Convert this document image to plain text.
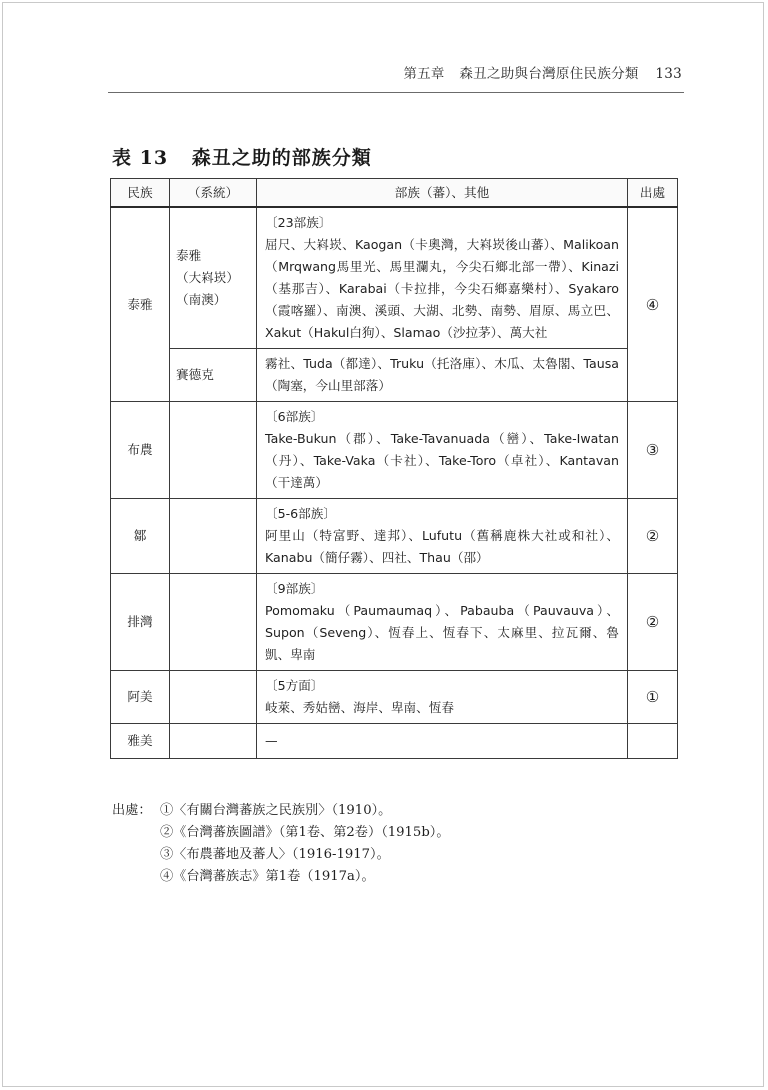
第五章 森丑之助與台灣原住民族分類 133
表 13 森丑之助的部族分類
民族	（系統）	部族（蕃）、其他	出處
泰雅	泰雅
（大嵙崁）
（南澳）	〔23部族〕
屈尺、大嵙崁、Kaogan（卡奧灣，大嵙崁後山蕃）、Malikoan（Mrqwang馬里光、馬里瀾丸，今尖石鄉北部一帶）、Kinazi（基那吉）、Karabai（卡拉排，今尖石鄉嘉樂村）、Syakaro（霞喀羅）、南澳、溪頭、大湖、北勢、南勢、眉原、馬立巴、Xakut（Hakul白狗）、Slamao（沙拉茅）、萬大社	④
	賽德克	霧社、Tuda（都達）、Truku（托洛庫）、木瓜、太魯閣、Tausa（陶塞，今山里部落）	

布農		〔6部族〕
Take-Bukun（郡）、Take-Tavanuada（巒）、Take-Iwatan（丹）、Take-Vaka（卡社）、Take-Toro（卓社）、Kantavan（干達萬）	③
鄒		〔5-6部族〕
阿里山（特富野、達邦）、Lufutu（舊稱鹿株大社或和社）、Kanabu（簡仔霧）、四社、Thau（邵）	②
排灣		〔9部族〕
Pomomaku（Paumaumaq）、Pabauba（Pauvauva）、Supon（Seveng）、恆春上、恆春下、太麻里、拉瓦爾、魯凱、卑南	②
阿美		〔5方面〕
岐萊、秀姑巒、海岸、卑南、恆春	①
雅美		—	

出處： ①〈有關台灣蕃族之民族別〉（1910）。
②《台灣蕃族圖譜》（第1卷、第2卷）（1915b）。
③〈布農蕃地及蕃人〉（1916-1917）。
④《台灣蕃族志》第1卷（1917a）。
